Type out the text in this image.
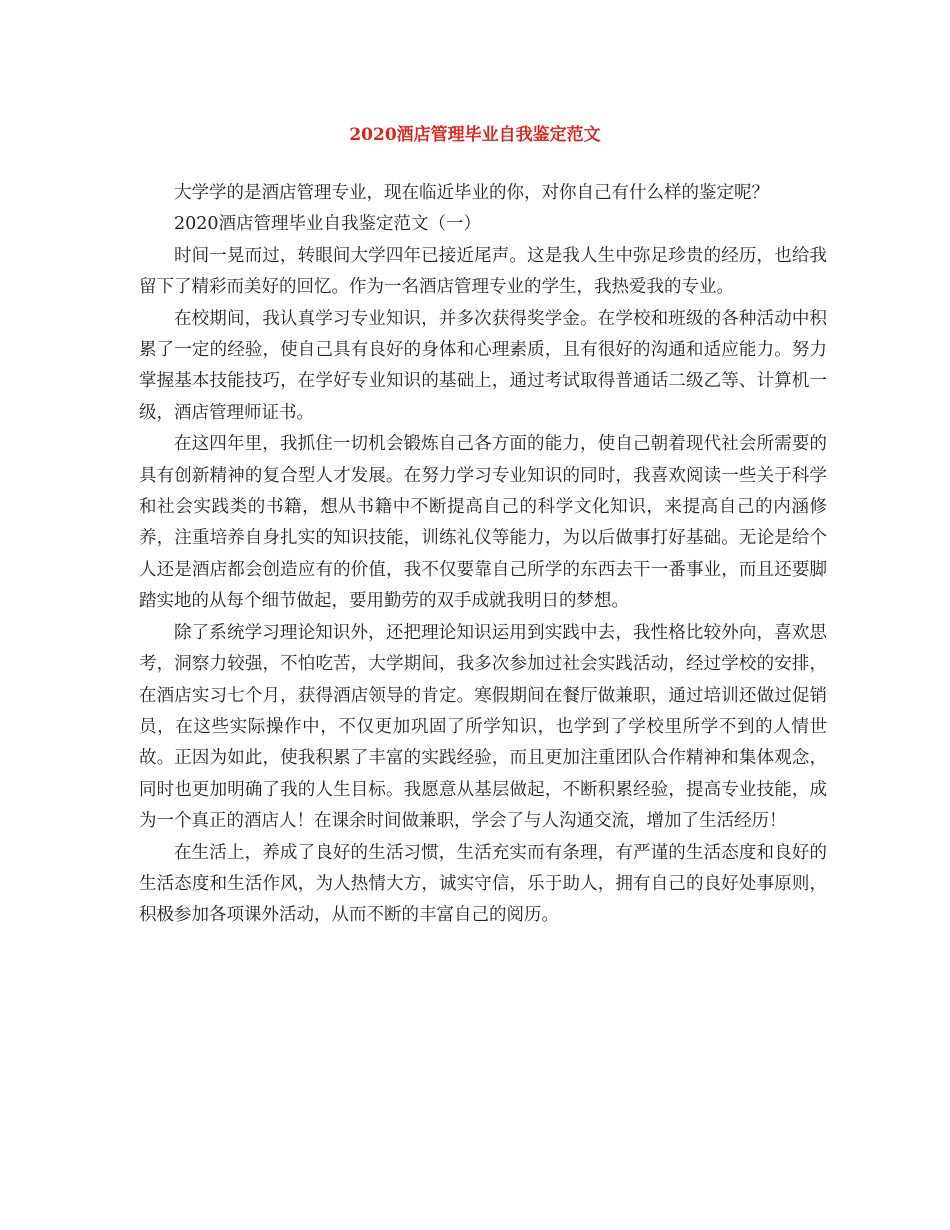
2020酒店管理毕业自我鉴定范文

大学学的是酒店管理专业，现在临近毕业的你，对你自己有什么样的鉴定呢？

2020酒店管理毕业自我鉴定范文（一）

时间一晃而过，转眼间大学四年已接近尾声。这是我人生中弥足珍贵的经历，也给我留下了精彩而美好的回忆。作为一名酒店管理专业的学生，我热爱我的专业。

在校期间，我认真学习专业知识，并多次获得奖学金。在学校和班级的各种活动中积累了一定的经验，使自己具有良好的身体和心理素质，且有很好的沟通和适应能力。努力掌握基本技能技巧，在学好专业知识的基础上，通过考试取得普通话二级乙等、计算机一级，酒店管理师证书。

在这四年里，我抓住一切机会锻炼自己各方面的能力，使自己朝着现代社会所需要的具有创新精神的复合型人才发展。在努力学习专业知识的同时，我喜欢阅读一些关于科学和社会实践类的书籍，想从书籍中不断提高自己的科学文化知识，来提高自己的内涵修养，注重培养自身扎实的知识技能，训练礼仪等能力，为以后做事打好基础。无论是给个人还是酒店都会创造应有的价值，我不仅要靠自己所学的东西去干一番事业，而且还要脚踏实地的从每个细节做起，要用勤劳的双手成就我明日的梦想。

除了系统学习理论知识外，还把理论知识运用到实践中去，我性格比较外向，喜欢思考，洞察力较强，不怕吃苦，大学期间，我多次参加过社会实践活动，经过学校的安排，在酒店实习七个月，获得酒店领导的肯定。寒假期间在餐厅做兼职，通过培训还做过促销员，在这些实际操作中，不仅更加巩固了所学知识，也学到了学校里所学不到的人情世故。正因为如此，使我积累了丰富的实践经验，而且更加注重团队合作精神和集体观念，同时也更加明确了我的人生目标。我愿意从基层做起，不断积累经验，提高专业技能，成为一个真正的酒店人！在课余时间做兼职，学会了与人沟通交流，增加了生活经历！

在生活上，养成了良好的生活习惯，生活充实而有条理，有严谨的生活态度和良好的生活态度和生活作风，为人热情大方，诚实守信，乐于助人，拥有自己的良好处事原则，积极参加各项课外活动，从而不断的丰富自己的阅历。
